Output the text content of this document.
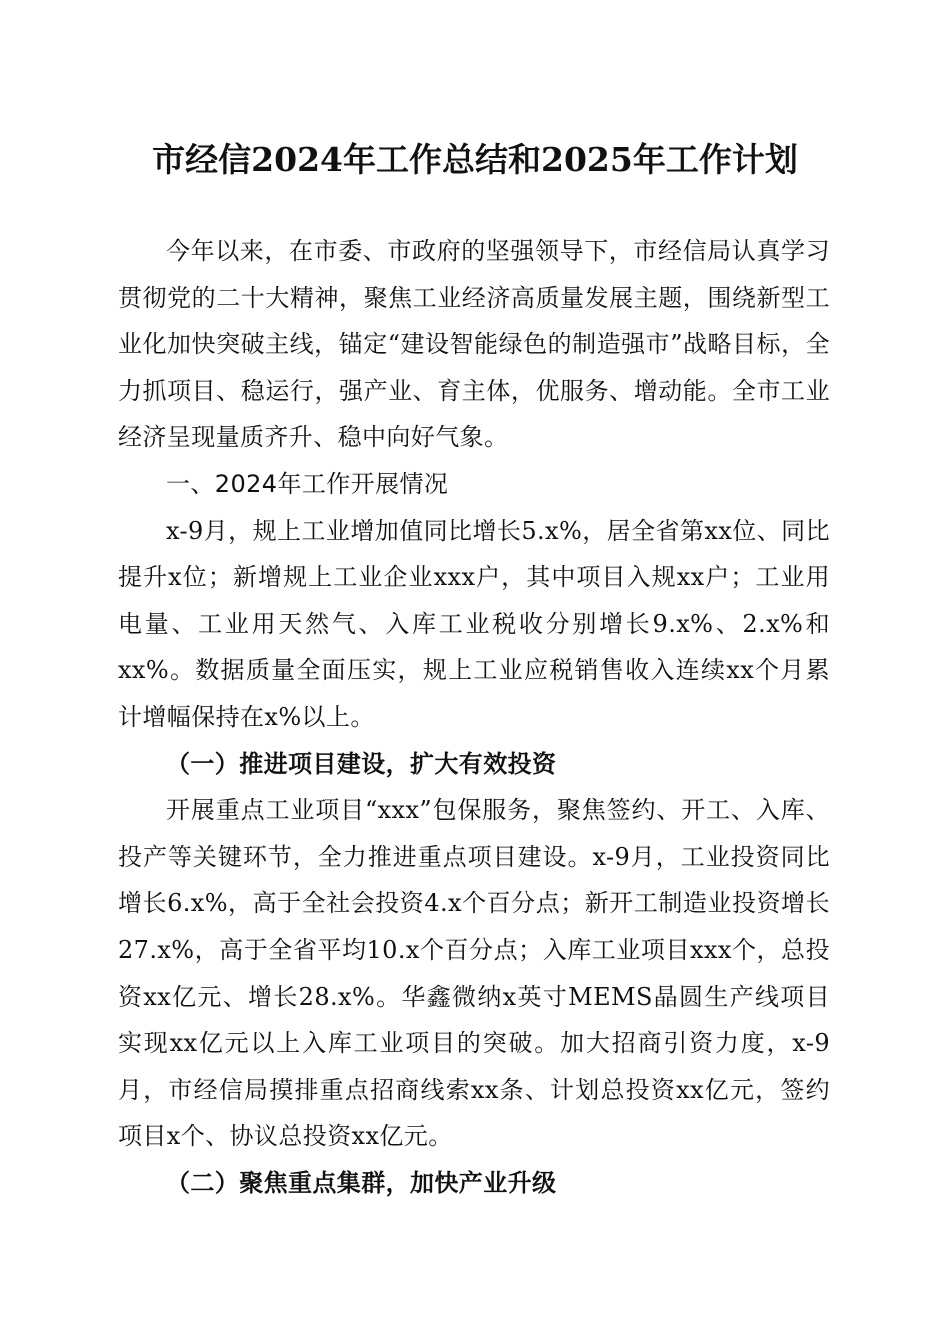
市经信2024年工作总结和2025年工作计划

今年以来，在市委、市政府的坚强领导下，市经信局认真学习贯彻党的二十大精神，聚焦工业经济高质量发展主题，围绕新型工业化加快突破主线，锚定“建设智能绿色的制造强市”战略目标，全力抓项目、稳运行，强产业、育主体，优服务、增动能。全市工业经济呈现量质齐升、稳中向好气象。

一、2024年工作开展情况

x-9月，规上工业增加值同比增长5.x%，居全省第xx位、同比提升x位；新增规上工业企业xxx户，其中项目入规xx户；工业用电量、工业用天然气、入库工业税收分别增长9.x%、2.x%和xx%。数据质量全面压实，规上工业应税销售收入连续xx个月累计增幅保持在x%以上。

（一）推进项目建设，扩大有效投资

开展重点工业项目“xxx”包保服务，聚焦签约、开工、入库、投产等关键环节，全力推进重点项目建设。x-9月，工业投资同比增长6.x%，高于全社会投资4.x个百分点；新开工制造业投资增长27.x%，高于全省平均10.x个百分点；入库工业项目xxx个，总投资xx亿元、增长28.x%。华鑫微纳x英寸MEMS晶圆生产线项目实现xx亿元以上入库工业项目的突破。加大招商引资力度，x-9月，市经信局摸排重点招商线索xx条、计划总投资xx亿元，签约项目x个、协议总投资xx亿元。

（二）聚焦重点集群，加快产业升级
